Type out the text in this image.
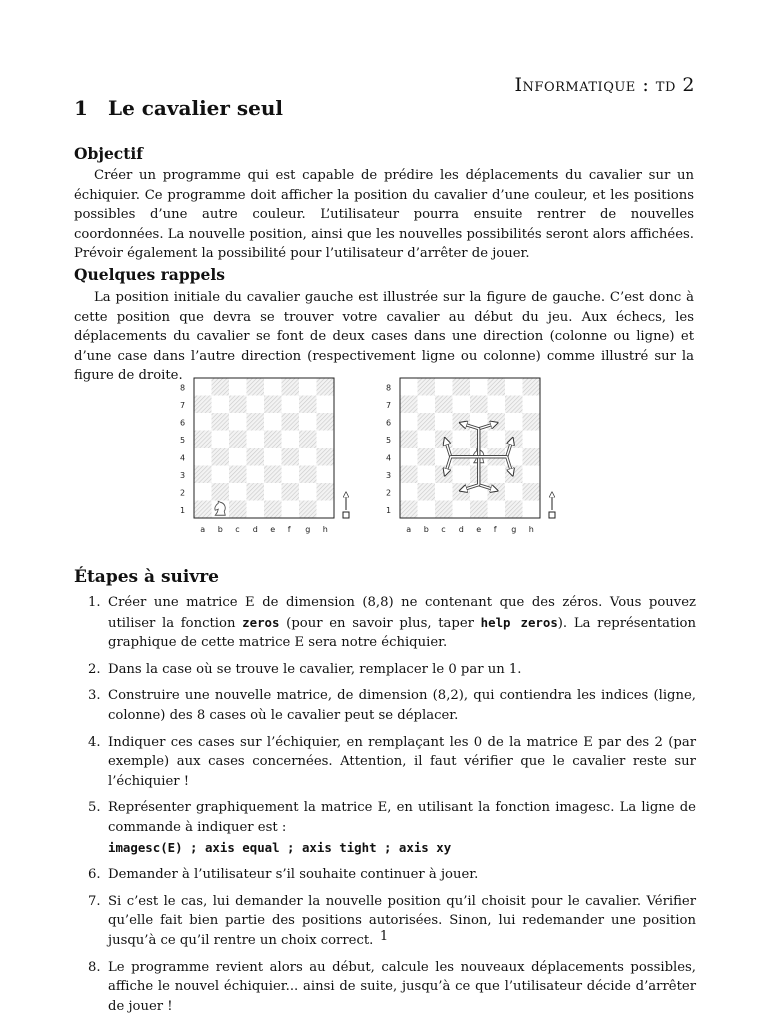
Informatique : td 2
1 Le cavalier seul
Objectif
Créer un programme qui est capable de prédire les déplacements du cavalier sur un échiquier. Ce programme doit afficher la position du cavalier d’une couleur, et les positions possibles d’une autre couleur. L’utilisateur pourra ensuite rentrer de nouvelles coordonnées. La nouvelle position, ainsi que les nouvelles possibilités seront alors affichées. Prévoir également la possibilité pour l’utilisateur d’arrêter de jouer.
Quelques rappels
La position initiale du cavalier gauche est illustrée sur la figure de gauche. C’est donc à cette position que devra se trouver votre cavalier au début du jeu. Aux échecs, les déplacements du cavalier se font de deux cases dans une direction (colonne ou ligne) et d’une case dans l’autre direction (respectivement ligne ou colonne) comme illustré sur la figure de droite.
8
7
6
5
4
3
2
1
a b c d e f g h
8
7
6
5
4
3
2
1
a b c d e f g h
Étapes à suivre
1. Créer une matrice E de dimension (8,8) ne contenant que des zéros. Vous pouvez utiliser la fonction zeros (pour en savoir plus, taper help zeros). La représentation graphique de cette matrice E sera notre échiquier.
2. Dans la case où se trouve le cavalier, remplacer le 0 par un 1.
3. Construire une nouvelle matrice, de dimension (8,2), qui contiendra les indices (ligne, colonne) des 8 cases où le cavalier peut se déplacer.
4. Indiquer ces cases sur l’échiquier, en remplaçant les 0 de la matrice E par des 2 (par exemple) aux cases concernées. Attention, il faut vérifier que le cavalier reste sur l’échiquier !
5. Représenter graphiquement la matrice E, en utilisant la fonction imagesc. La ligne de commande à indiquer est :
imagesc(E) ; axis equal ; axis tight ; axis xy
6. Demander à l’utilisateur s’il souhaite continuer à jouer.
7. Si c’est le cas, lui demander la nouvelle position qu’il choisit pour le cavalier. Vérifier qu’elle fait bien partie des positions autorisées. Sinon, lui redemander une position jusqu’à ce qu’il rentre un choix correct.
8. Le programme revient alors au début, calcule les nouveaux déplacements possibles, affiche le nouvel échiquier... ainsi de suite, jusqu’à ce que l’utilisateur décide d’arrêter de jouer !
1
